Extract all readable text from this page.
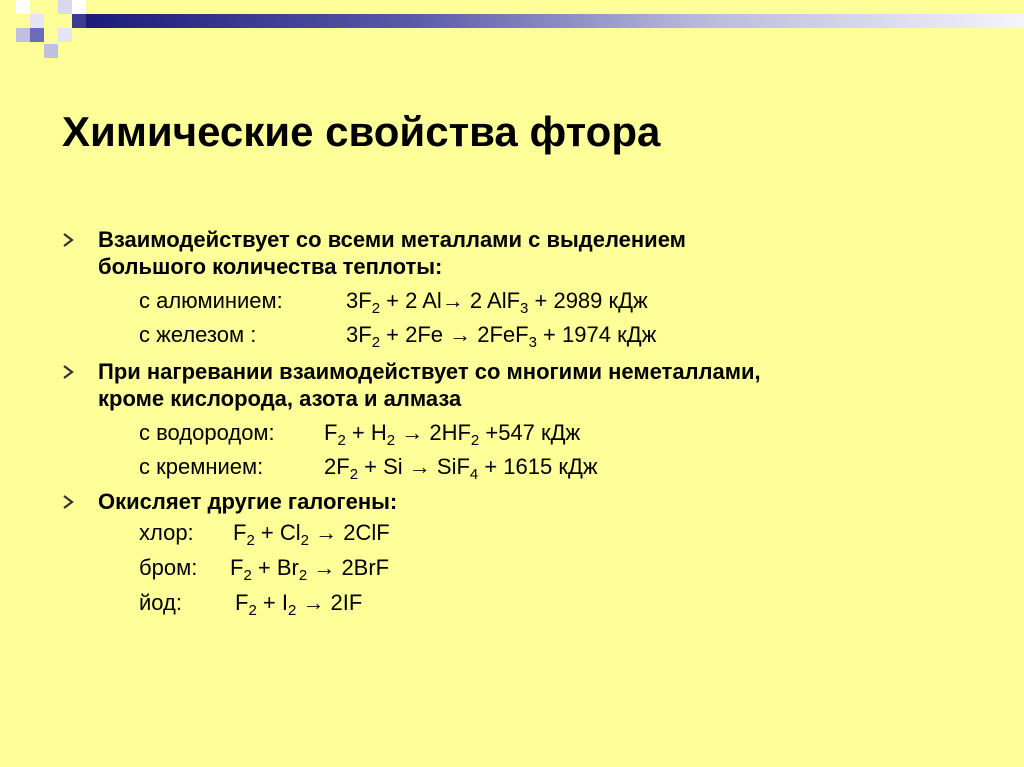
Химические свойства фтора
Взаимодействует со всеми металлами с выделением
большого количества теплоты:
с алюминием:	$3F_2 + 2$ Al→ 2 AlF$_3$ + 2989 кДж
с железом :	$3F_2 + 2Fe \to 2FeF_3 + 1974$ кДж
При нагревании взаимодействует со многими неметаллами,
кроме кислорода, азота и алмаза
с водородом: $F_2 + H_2 \to 2HF_2 +547$ кДж
с кремнием:	$2F_2 + Si \to SiF_4 + 1615$ кДж
Окисляет другие галогены:
хлор: $F_2 + Cl_2 \to 2ClF$
бром: $F_2 + Br_2 \to 2BrF$
йод: $F_2 + I_2 \to 2IF$
